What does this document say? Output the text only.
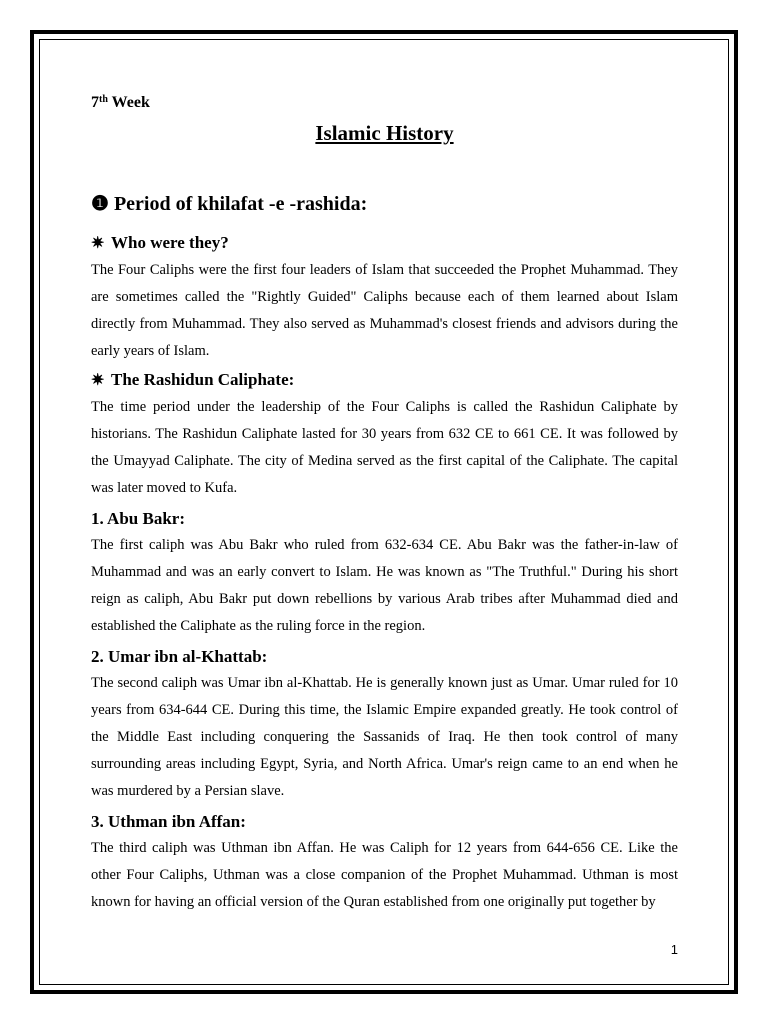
7th Week
Islamic History
❶ Period of khilafat -e -rashida:
✷ Who were they?

The Four Caliphs were the first four leaders of Islam that succeeded the Prophet Muhammad. They are sometimes called the "Rightly Guided" Caliphs because each of them learned about Islam directly from Muhammad. They also served as Muhammad's closest friends and advisors during the early years of Islam.

✷ The Rashidun Caliphate:

The time period under the leadership of the Four Caliphs is called the Rashidun Caliphate by historians. The Rashidun Caliphate lasted for 30 years from 632 CE to 661 CE. It was followed by the Umayyad Caliphate. The city of Medina served as the first capital of the Caliphate. The capital was later moved to Kufa.

1. Abu Bakr:

The first caliph was Abu Bakr who ruled from 632-634 CE. Abu Bakr was the father-in-law of Muhammad and was an early convert to Islam. He was known as "The Truthful." During his short reign as caliph, Abu Bakr put down rebellions by various Arab tribes after Muhammad died and established the Caliphate as the ruling force in the region.

2. Umar ibn al-Khattab:

The second caliph was Umar ibn al-Khattab. He is generally known just as Umar. Umar ruled for 10 years from 634-644 CE. During this time, the Islamic Empire expanded greatly. He took control of the Middle East including conquering the Sassanids of Iraq. He then took control of many surrounding areas including Egypt, Syria, and North Africa. Umar's reign came to an end when he was murdered by a Persian slave.

3. Uthman ibn Affan:

The third caliph was Uthman ibn Affan. He was Caliph for 12 years from 644-656 CE. Like the other Four Caliphs, Uthman was a close companion of the Prophet Muhammad. Uthman is most known for having an official version of the Quran established from one originally put together by

1
